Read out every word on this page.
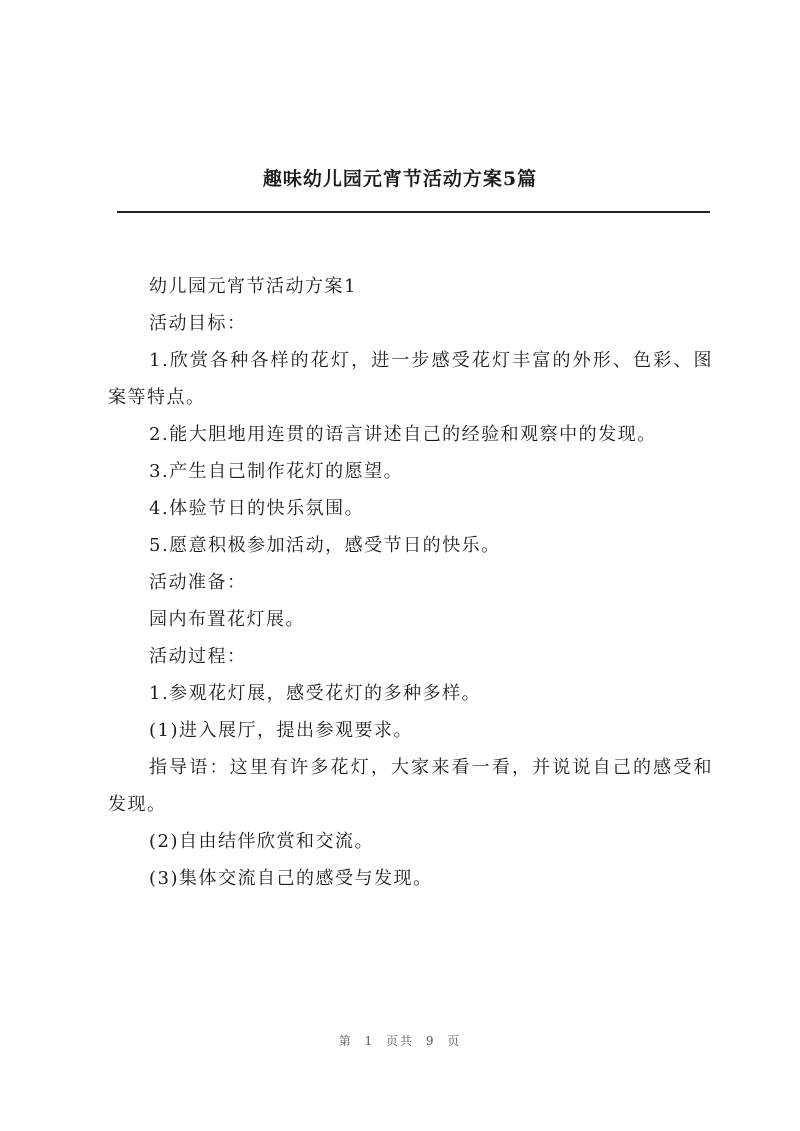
趣味幼儿园元宵节活动方案5篇

幼儿园元宵节活动方案1

活动目标：

1.欣赏各种各样的花灯，进一步感受花灯丰富的外形、色彩、图案等特点。

2.能大胆地用连贯的语言讲述自己的经验和观察中的发现。

3.产生自己制作花灯的愿望。

4.体验节日的快乐氛围。

5.愿意积极参加活动，感受节日的快乐。

活动准备：

园内布置花灯展。

活动过程：

1.参观花灯展，感受花灯的多种多样。

(1)进入展厅，提出参观要求。

指导语：这里有许多花灯，大家来看一看，并说说自己的感受和发现。

(2)自由结伴欣赏和交流。

(3)集体交流自己的感受与发现。

第 1 页共 9 页
